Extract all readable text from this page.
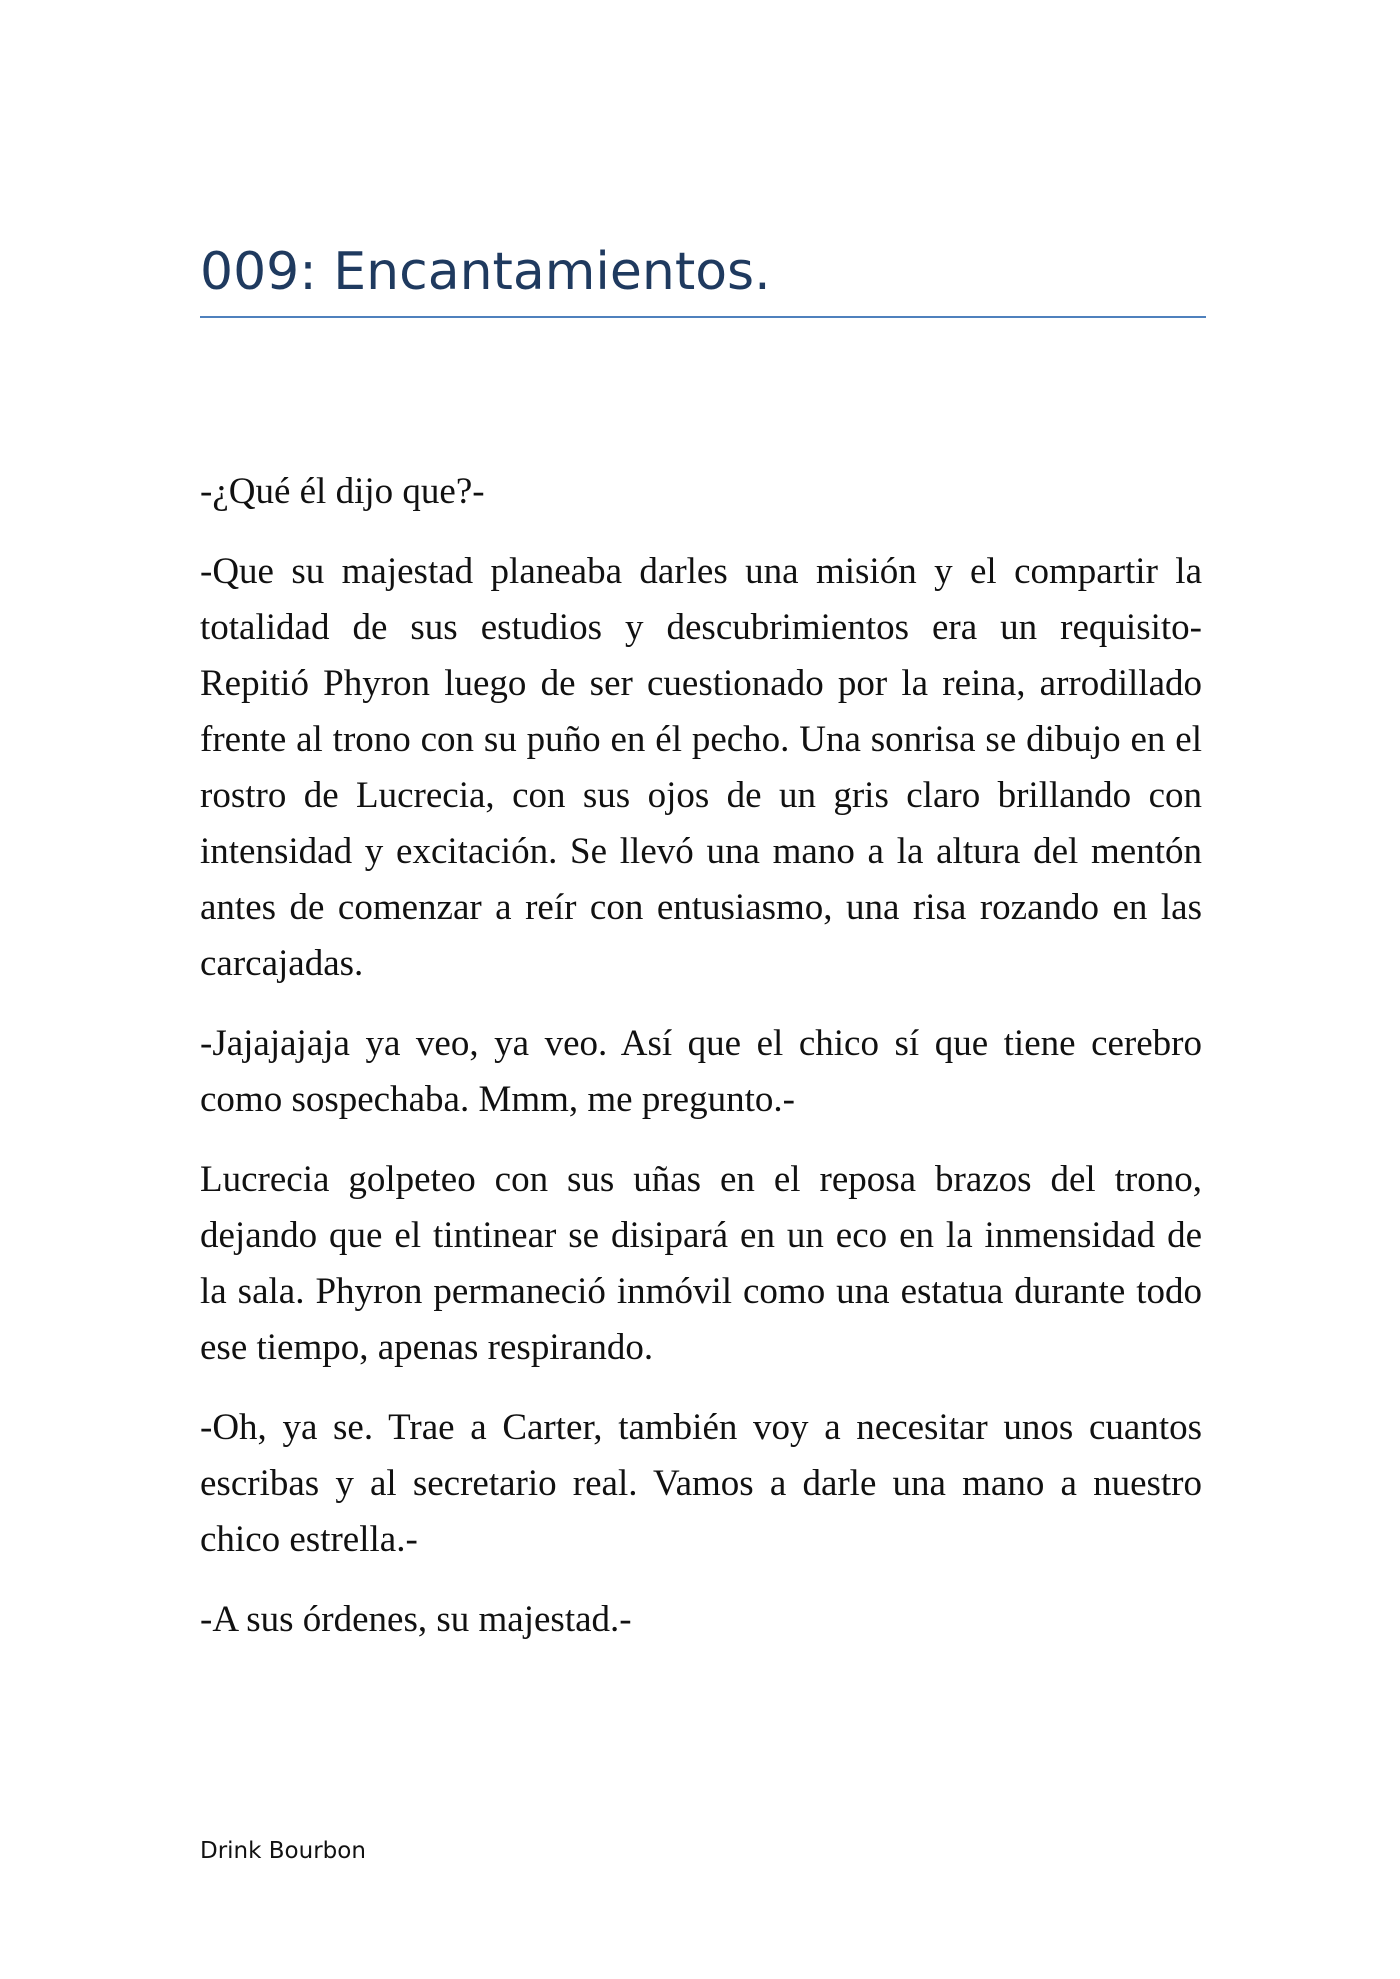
009: Encantamientos.

-¿Qué él dijo que?-

-Que su majestad planeaba darles una misión y el compartir la totalidad de sus estudios y descubrimientos era un requisito- Repitió Phyron luego de ser cuestionado por la reina, arrodillado frente al trono con su puño en él pecho. Una sonrisa se dibujo en el rostro de Lucrecia, con sus ojos de un gris claro brillando con intensidad y excitación. Se llevó una mano a la altura del mentón antes de comenzar a reír con entusiasmo, una risa rozando en las carcajadas.

-Jajajajaja ya veo, ya veo. Así que el chico sí que tiene cerebro como sospechaba. Mmm, me pregunto.-

Lucrecia golpeteo con sus uñas en el reposa brazos del trono, dejando que el tintinear se disipará en un eco en la inmensidad de la sala. Phyron permaneció inmóvil como una estatua durante todo ese tiempo, apenas respirando.

-Oh, ya se. Trae a Carter, también voy a necesitar unos cuantos escribas y al secretario real. Vamos a darle una mano a nuestro chico estrella.-

-A sus órdenes, su majestad.-

Drink Bourbon
